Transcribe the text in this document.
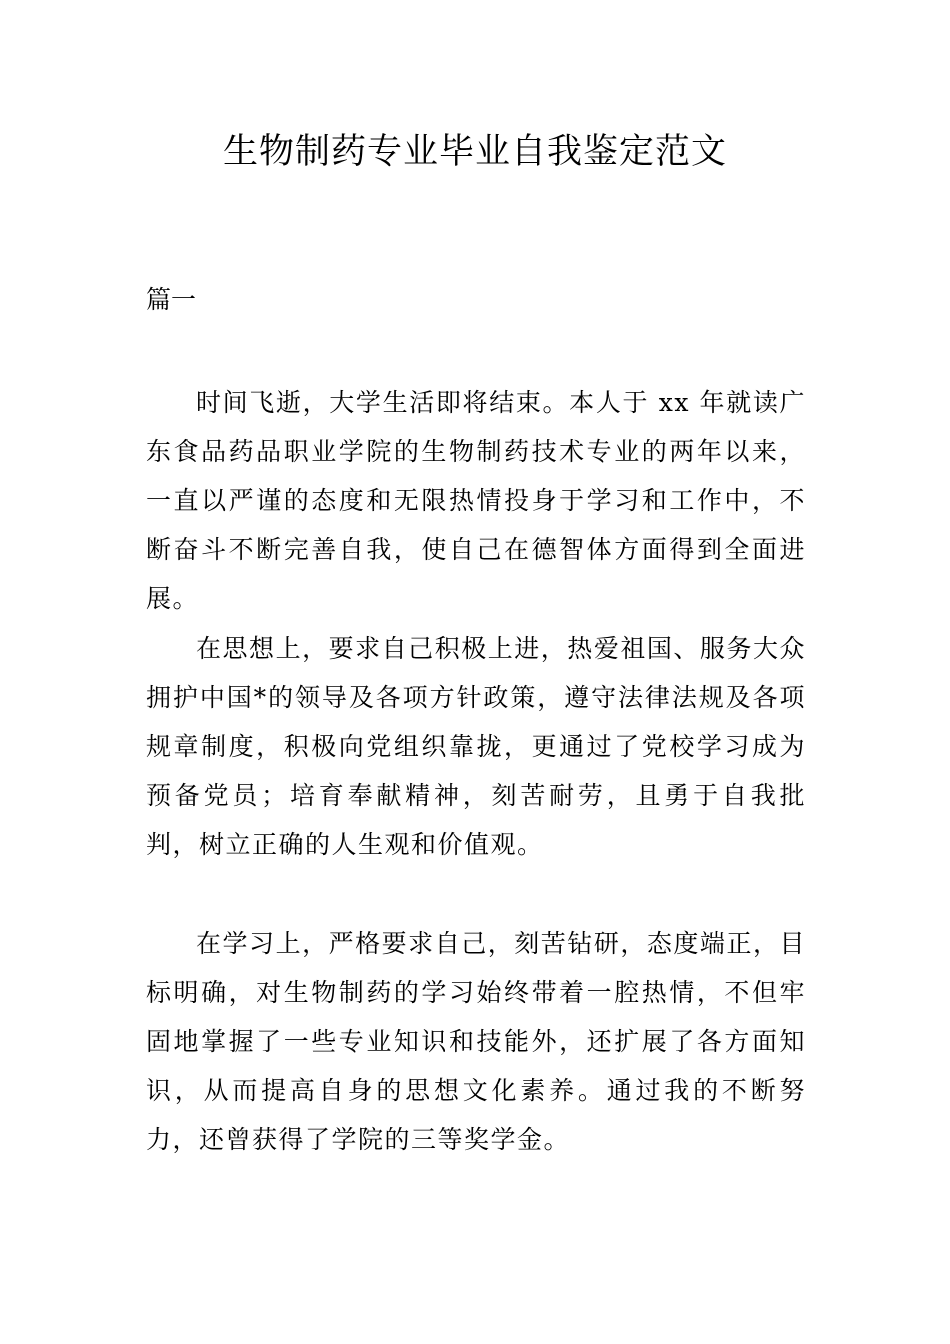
生物制药专业毕业自我鉴定范文

篇一

时间飞逝，大学生活即将结束。本人于 xx 年就读广东食品药品职业学院的生物制药技术专业的两年以来，一直以严谨的态度和无限热情投身于学习和工作中，不断奋斗不断完善自我，使自己在德智体方面得到全面进展。

在思想上，要求自己积极上进，热爱祖国、服务大众拥护中国*的领导及各项方针政策，遵守法律法规及各项规章制度，积极向党组织靠拢，更通过了党校学习成为预备党员；培育奉献精神，刻苦耐劳，且勇于自我批判，树立正确的人生观和价值观。

在学习上，严格要求自己，刻苦钻研，态度端正，目标明确，对生物制药的学习始终带着一腔热情，不但牢固地掌握了一些专业知识和技能外，还扩展了各方面知识，从而提高自身的思想文化素养。通过我的不断努力，还曾获得了学院的三等奖学金。
